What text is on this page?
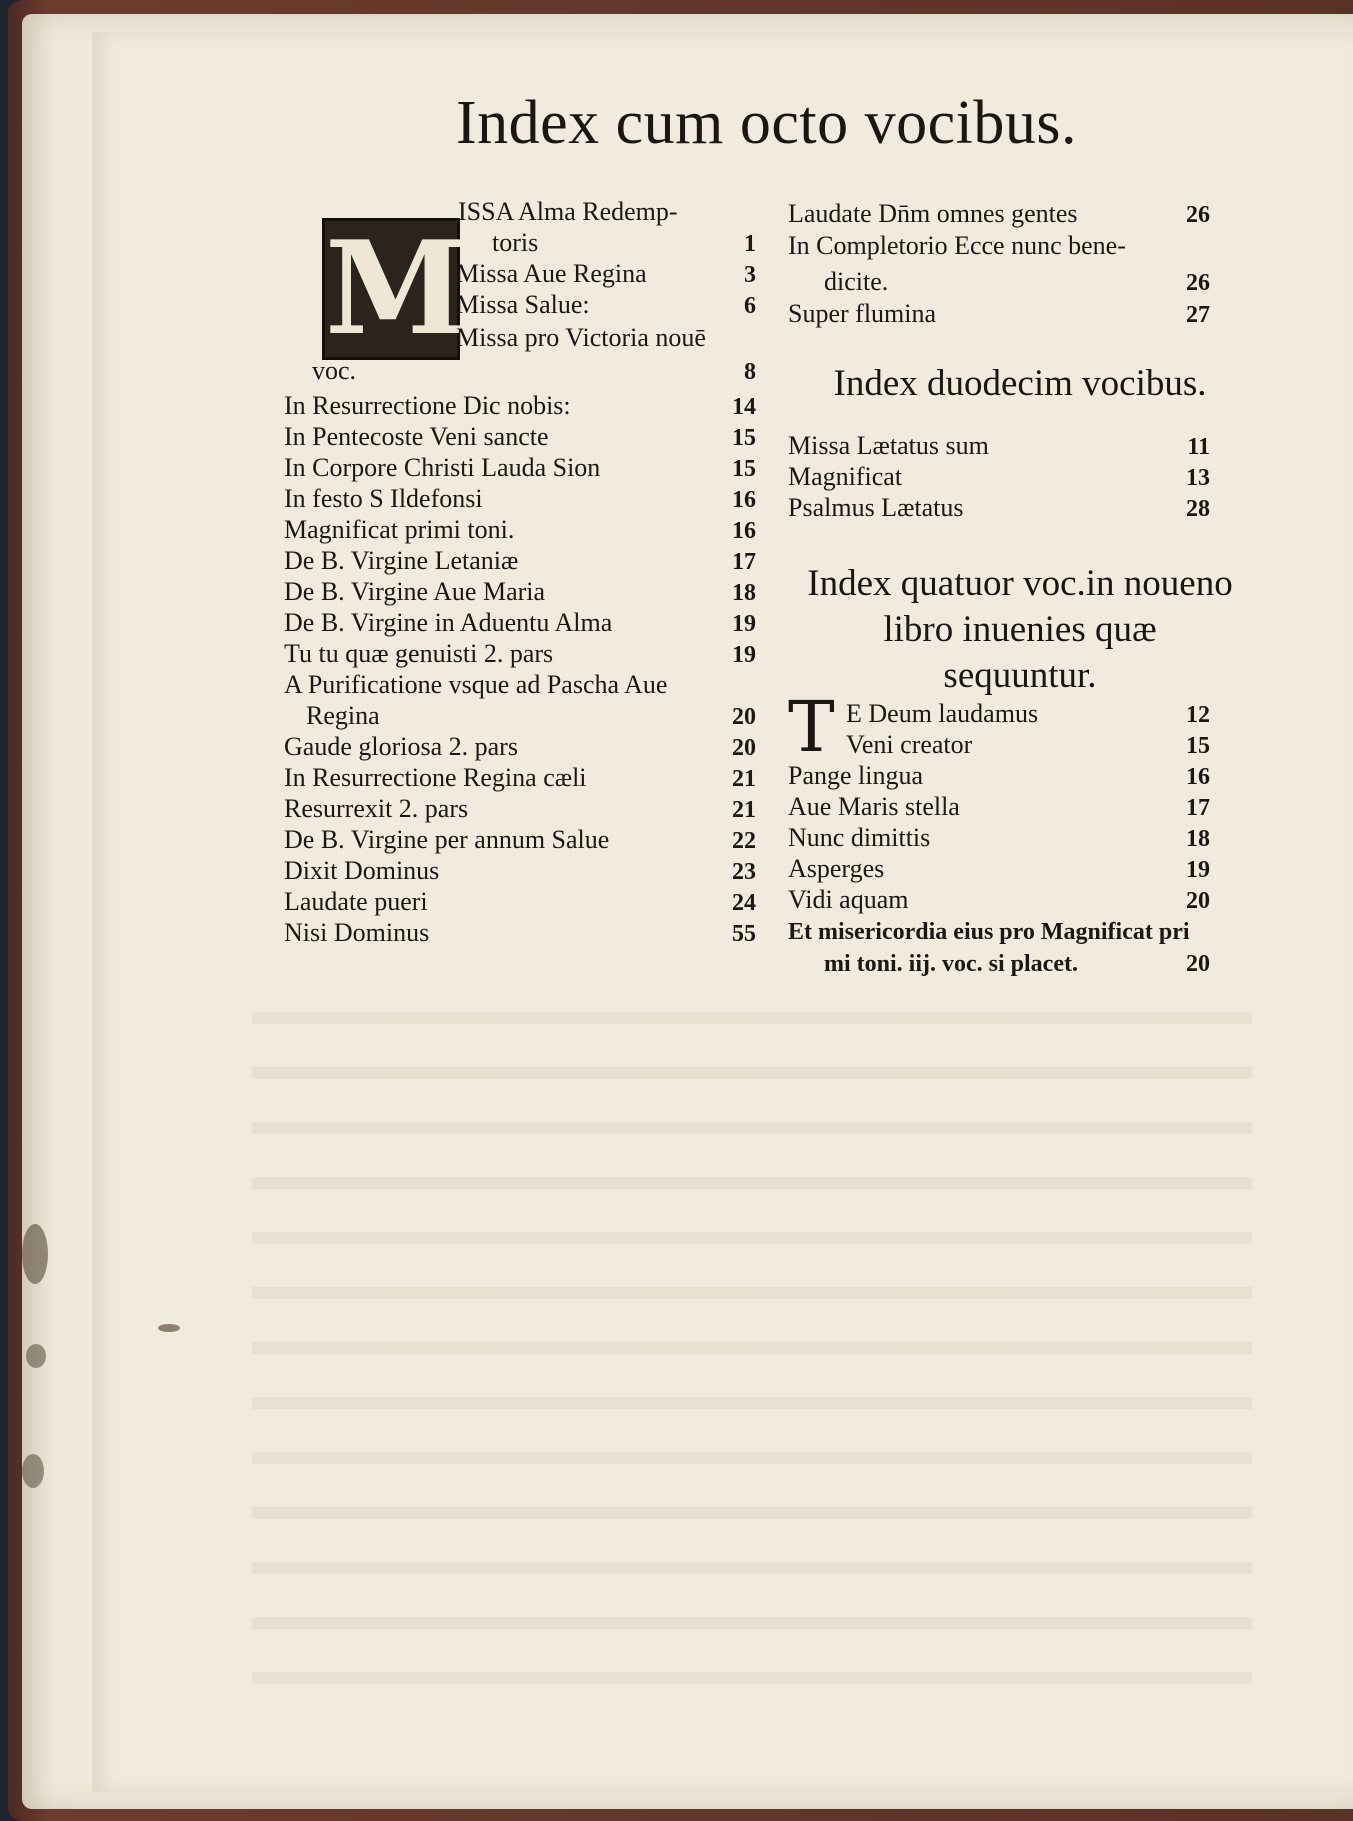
Index cum octo vocibus.
M
ISSA Alma Redemp-
toris	1
Missa Aue Regina	3
Missa Salue:	6
Missa pro Victoria nouē
voc.	8
In Resurrectione Dic nobis:	14
In Pentecoste Veni sancte	15
In Corpore Christi Lauda Sion	15
In festo S Ildefonsi	16
Magnificat primi toni.	16
De B. Virgine Letaniæ	17
De B. Virgine Aue Maria	18
De B. Virgine in Aduentu Alma	19
Tu tu quæ genuisti 2. pars	19
A Purificatione vsque ad Pascha Aue
Regina	20
Gaude gloriosa 2. pars	20
In Resurrectione Regina cæli	21
Resurrexit 2. pars	21
De B. Virgine per annum Salue	22
Dixit Dominus	23
Laudate pueri	24
Nisi Dominus	55
Laudate Dn̄m omnes gentes	26
In Completorio Ecce nunc bene-
dicite.	26
Super flumina	27
Index duodecim vocibus.
Missa Lætatus sum	11
Magnificat	13
Psalmus Lætatus	28
Index quatuor voc.in noueno
libro inuenies quæ
sequuntur.
T E Deum laudamus	12
Veni creator	15
Pange lingua	16
Aue Maris stella	17
Nunc dimittis	18
Asperges	19
Vidi aquam	20
Et misericordia eius pro Magnificat pri
mi toni. iij. voc. si placet.	20
